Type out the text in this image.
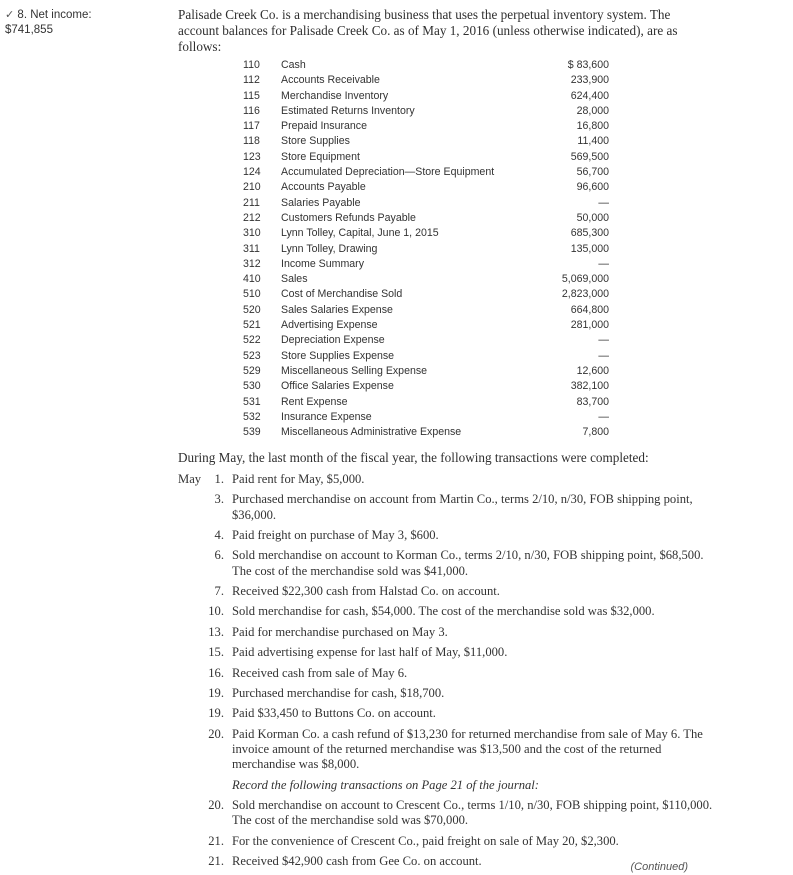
✓ 8. Net income:
$741,855
Palisade Creek Co. is a merchandising business that uses the perpetual inventory system. The account balances for Palisade Creek Co. as of May 1, 2016 (unless otherwise indicated), are as follows:
110	Cash	$ 83,600
112	Accounts Receivable	233,900
115	Merchandise Inventory	624,400
116	Estimated Returns Inventory	28,000
117	Prepaid Insurance	16,800
118	Store Supplies	11,400
123	Store Equipment	569,500
124	Accumulated Depreciation—Store Equipment	56,700
210	Accounts Payable	96,600
211	Salaries Payable	—
212	Customers Refunds Payable	50,000
310	Lynn Tolley, Capital, June 1, 2015	685,300
311	Lynn Tolley, Drawing	135,000
312	Income Summary	—
410	Sales	5,069,000
510	Cost of Merchandise Sold	2,823,000
520	Sales Salaries Expense	664,800
521	Advertising Expense	281,000
522	Depreciation Expense	—
523	Store Supplies Expense	—
529	Miscellaneous Selling Expense	12,600
530	Office Salaries Expense	382,100
531	Rent Expense	83,700
532	Insurance Expense	—
539	Miscellaneous Administrative Expense	7,800
During May, the last month of the fiscal year, the following transactions were completed:
May	1. Paid rent for May, $5,000.
3. Purchased merchandise on account from Martin Co., terms 2/10, n/30, FOB shipping point, $36,000.
4. Paid freight on purchase of May 3, $600.
6. Sold merchandise on account to Korman Co., terms 2/10, n/30, FOB shipping point, $68,500. The cost of the merchandise sold was $41,000.
7. Received $22,300 cash from Halstad Co. on account.
10. Sold merchandise for cash, $54,000. The cost of the merchandise sold was $32,000.
13. Paid for merchandise purchased on May 3.
15. Paid advertising expense for last half of May, $11,000.
16. Received cash from sale of May 6.
19. Purchased merchandise for cash, $18,700.
19. Paid $33,450 to Buttons Co. on account.
20. Paid Korman Co. a cash refund of $13,230 for returned merchandise from sale of May 6. The invoice amount of the returned merchandise was $13,500 and the cost of the returned merchandise was $8,000.
Record the following transactions on Page 21 of the journal:
20. Sold merchandise on account to Crescent Co., terms 1/10, n/30, FOB shipping point, $110,000. The cost of the merchandise sold was $70,000.
21. For the convenience of Crescent Co., paid freight on sale of May 20, $2,300.
21. Received $42,900 cash from Gee Co. on account.	(Continued)
